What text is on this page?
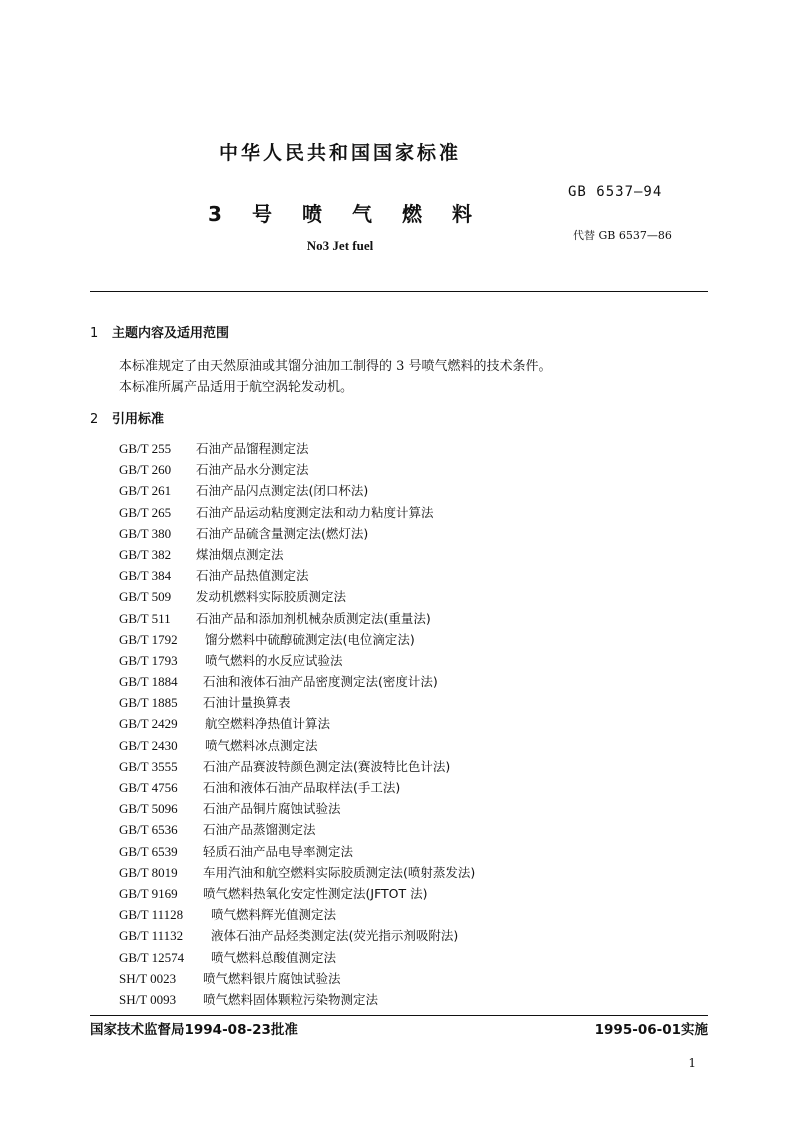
中华人民共和国国家标准
GB 6537—94
3号喷气燃料
代替 GB 6537—86
No3 Jet fuel
1 主题内容及适用范围
本标准规定了由天然原油或其馏分油加工制得的 3 号喷气燃料的技术条件。
本标准所属产品适用于航空涡轮发动机。
2 引用标准
GB/T 255 石油产品馏程测定法
GB/T 260 石油产品水分测定法
GB/T 261 石油产品闪点测定法(闭口杯法)
GB/T 265 石油产品运动粘度测定法和动力粘度计算法
GB/T 380 石油产品硫含量测定法(燃灯法)
GB/T 382 煤油烟点测定法
GB/T 384 石油产品热值测定法
GB/T 509 发动机燃料实际胶质测定法
GB/T 511 石油产品和添加剂机械杂质测定法(重量法)
GB/T 1792 馏分燃料中硫醇硫测定法(电位滴定法)
GB/T 1793 喷气燃料的水反应试验法
GB/T 1884 石油和液体石油产品密度测定法(密度计法)
GB/T 1885 石油计量换算表
GB/T 2429 航空燃料净热值计算法
GB/T 2430 喷气燃料冰点测定法
GB/T 3555 石油产品赛波特颜色测定法(赛波特比色计法)
GB/T 4756 石油和液体石油产品取样法(手工法)
GB/T 5096 石油产品铜片腐蚀试验法
GB/T 6536 石油产品蒸馏测定法
GB/T 6539 轻质石油产品电导率测定法
GB/T 8019 车用汽油和航空燃料实际胶质测定法(喷射蒸发法)
GB/T 9169 喷气燃料热氧化安定性测定法(JFTOT 法)
GB/T 11128 喷气燃料辉光值测定法
GB/T 11132 液体石油产品烃类测定法(荧光指示剂吸附法)
GB/T 12574 喷气燃料总酸值测定法
SH/T 0023 喷气燃料银片腐蚀试验法
SH/T 0093 喷气燃料固体颗粒污染物测定法
国家技术监督局1994-08-23批准	1995-06-01实施
1
